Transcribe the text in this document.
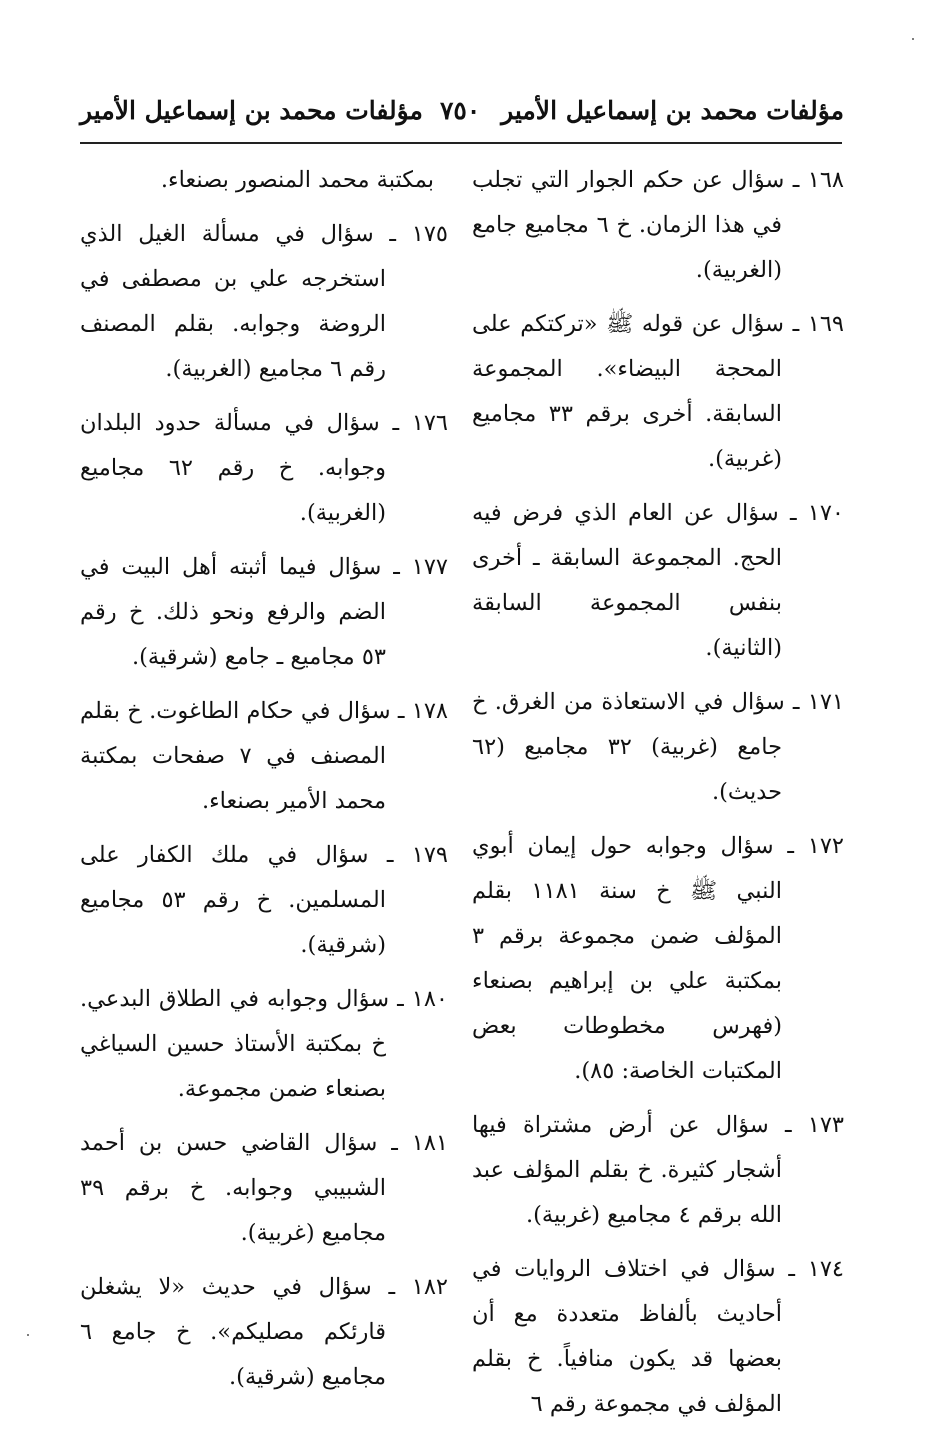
مؤلفات محمد بن إسماعيل الأمير
٧٥٠
مؤلفات محمد بن إسماعيل الأمير

١٦٨ ـ سؤال عن حكم الجوار التي تجلب في هذا الزمان. خ ٦ مجاميع جامع (الغربية).

١٦٩ ـ سؤال عن قوله ﷺ «تركتكم على المحجة البيضاء». المجموعة السابقة. أخرى برقم ٣٣ مجاميع (غربية).

١٧٠ ـ سؤال عن العام الذي فرض فيه الحج. المجموعة السابقة ـ أخرى بنفس المجموعة السابقة (الثانية).

١٧١ ـ سؤال في الاستعاذة من الغرق. خ جامع (غربية) ٣٢ مجاميع (٦٢ حديث).

١٧٢ ـ سؤال وجوابه حول إيمان أبوي النبي ﷺ خ سنة ١١٨١ بقلم المؤلف ضمن مجموعة برقم ٣ بمكتبة علي بن إبراهيم بصنعاء (فهرس مخطوطات بعض المكتبات الخاصة: ٨٥).

١٧٣ ـ سؤال عن أرض مشتراة فيها أشجار كثيرة. خ بقلم المؤلف عبد الله برقم ٤ مجاميع (غربية).

١٧٤ ـ سؤال في اختلاف الروايات في أحاديث بألفاظ متعددة مع أن بعضها قد يكون منافياً. خ بقلم المؤلف في مجموعة رقم ٦

بمكتبة محمد المنصور بصنعاء.

١٧٥ ـ سؤال في مسألة الغيل الذي استخرجه علي بن مصطفى في الروضة وجوابه. بقلم المصنف رقم ٦ مجاميع (الغربية).

١٧٦ ـ سؤال في مسألة حدود البلدان وجوابه. خ رقم ٦٢ مجاميع (الغربية).

١٧٧ ـ سؤال فيما أثبته أهل البيت في الضم والرفع ونحو ذلك. خ رقم ٥٣ مجاميع ـ جامع (شرقية).

١٧٨ ـ سؤال في حكام الطاغوت. خ بقلم المصنف في ٧ صفحات بمكتبة محمد الأمير بصنعاء.

١٧٩ ـ سؤال في ملك الكفار على المسلمين. خ رقم ٥٣ مجاميع (شرقية).

١٨٠ ـ سؤال وجوابه في الطلاق البدعي. خ بمكتبة الأستاذ حسين السياغي بصنعاء ضمن مجموعة.

١٨١ ـ سؤال القاضي حسن بن أحمد الشبيبي وجوابه. خ برقم ٣٩ مجاميع (غربية).

١٨٢ ـ سؤال في حديث «لا يشغلن قارئكم مصليكم». خ جامع ٦ مجاميع (شرقية).
